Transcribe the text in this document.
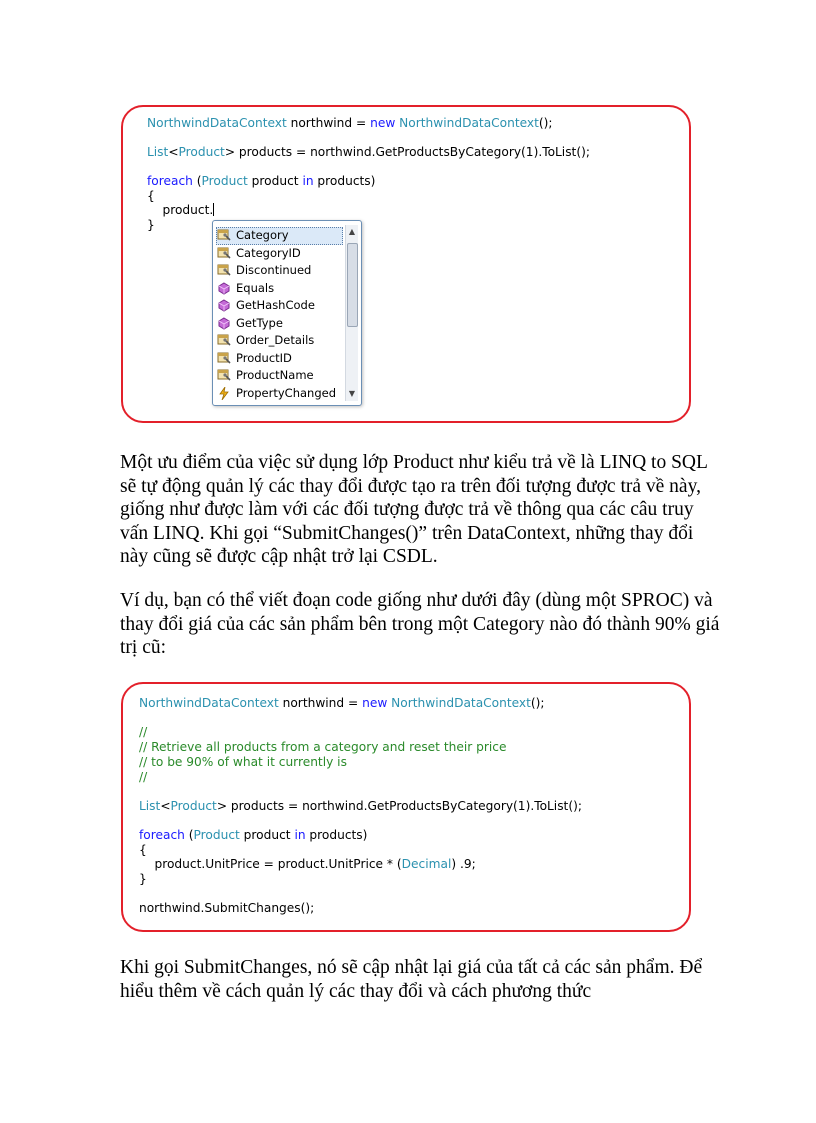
NorthwindDataContext northwind = new NorthwindDataContext();
List<Product> products = northwind.GetProductsByCategory(1).ToList();
foreach (Product product in products)
{
product.
}
Category
CategoryID
Discontinued
Equals
GetHashCode
GetType
Order_Details
ProductID
ProductName
PropertyChanged
▲
▼
Một ưu điểm của việc sử dụng lớp Product như kiểu trả về là LINQ to SQL
sẽ tự động quản lý các thay đổi được tạo ra trên đối tượng được trả về này,
giống như được làm với các đối tượng được trả về thông qua các câu truy
vấn LINQ. Khi gọi “SubmitChanges()” trên DataContext, những thay đổi
này cũng sẽ được cập nhật trở lại CSDL.
Ví dụ, bạn có thể viết đoạn code giống như dưới đây (dùng một SPROC) và
thay đổi giá của các sản phẩm bên trong một Category nào đó thành 90% giá
trị cũ:
NorthwindDataContext northwind = new NorthwindDataContext();
//
// Retrieve all products from a category and reset their price
// to be 90% of what it currently is
//
List<Product> products = northwind.GetProductsByCategory(1).ToList();
foreach (Product product in products)
{
product.UnitPrice = product.UnitPrice * (Decimal) .9;
}
northwind.SubmitChanges();
Khi gọi SubmitChanges, nó sẽ cập nhật lại giá của tất cả các sản phẩm. Để
hiểu thêm về cách quản lý các thay đổi và cách phương thức
